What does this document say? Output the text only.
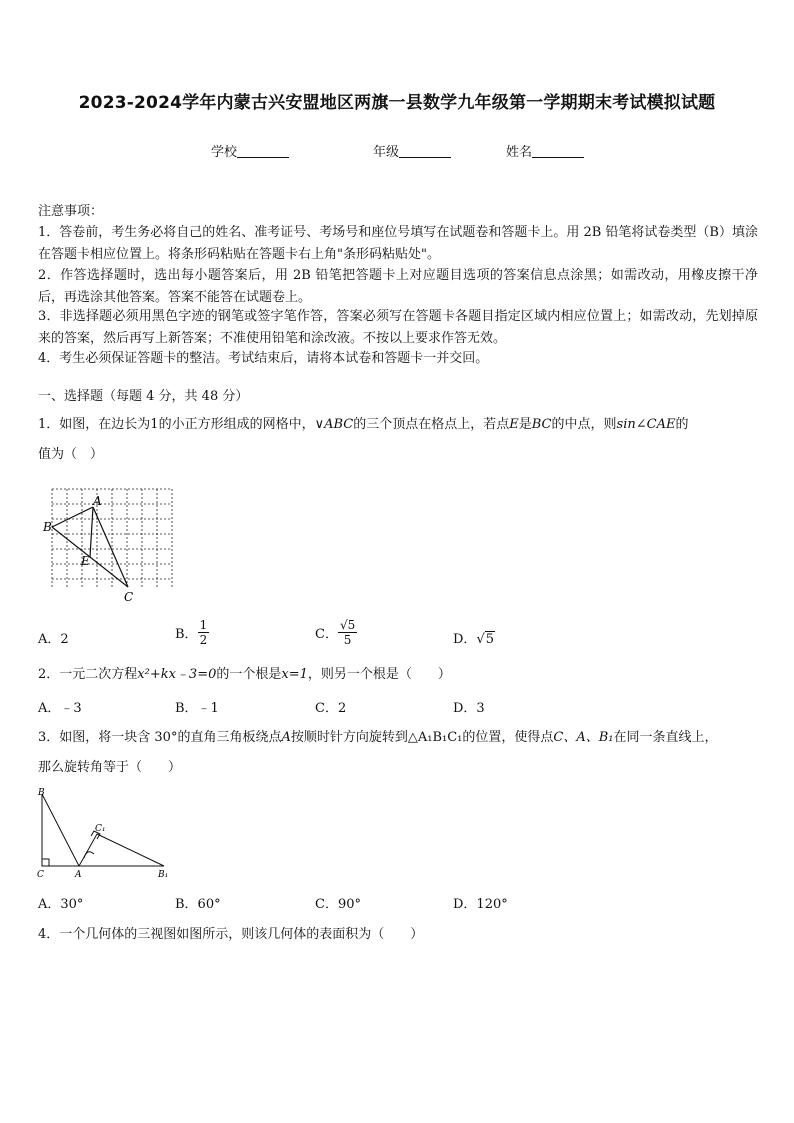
2023-2024学年内蒙古兴安盟地区两旗一县数学九年级第一学期期末考试模拟试题
学校	年级	姓名
注意事项：
1．答卷前，考生务必将自己的姓名、准考证号、考场号和座位号填写在试题卷和答题卡上。用 2B 铅笔将试卷类型（B）填涂在答题卡相应位置上。将条形码粘贴在答题卡右上角"条形码粘贴处"。
2．作答选择题时，选出每小题答案后，用 2B 铅笔把答题卡上对应题目选项的答案信息点涂黑；如需改动，用橡皮擦干净后，再选涂其他答案。答案不能答在试题卷上。
3．非选择题必须用黑色字迹的钢笔或签字笔作答，答案必须写在答题卡各题目指定区域内相应位置上；如需改动，先划掉原来的答案，然后再写上新答案；不准使用铅笔和涂改液。不按以上要求作答无效。
4．考生必须保证答题卡的整洁。考试结束后，请将本试卷和答题卡一并交回。
一、选择题（每题 4 分，共 48 分）
1．如图，在边长为1的小正方形组成的网格中，∨ABC的三个顶点在格点上，若点E是BC的中点，则sin∠CAE的
值为（　）
A
B
C
E
A．2	B． $\frac{1}{2}$	C． $\frac{√5}{5}$	D．√5
2．一元二次方程x²+kx﹣3=0的一个根是x=1，则另一个根是（　　）
A．﹣3	B．﹣1	C．2	D．3
3．如图，将一块含 30°的直角三角板绕点A按顺时针方向旋转到△A₁B₁C₁的位置，使得点C、A、B₁在同一条直线上，
那么旋转角等于（　　）
B
C	A
C₁
B₁
A．30°	B．60°	C．90°	D．120°
4．一个几何体的三视图如图所示，则该几何体的表面积为（　　）
